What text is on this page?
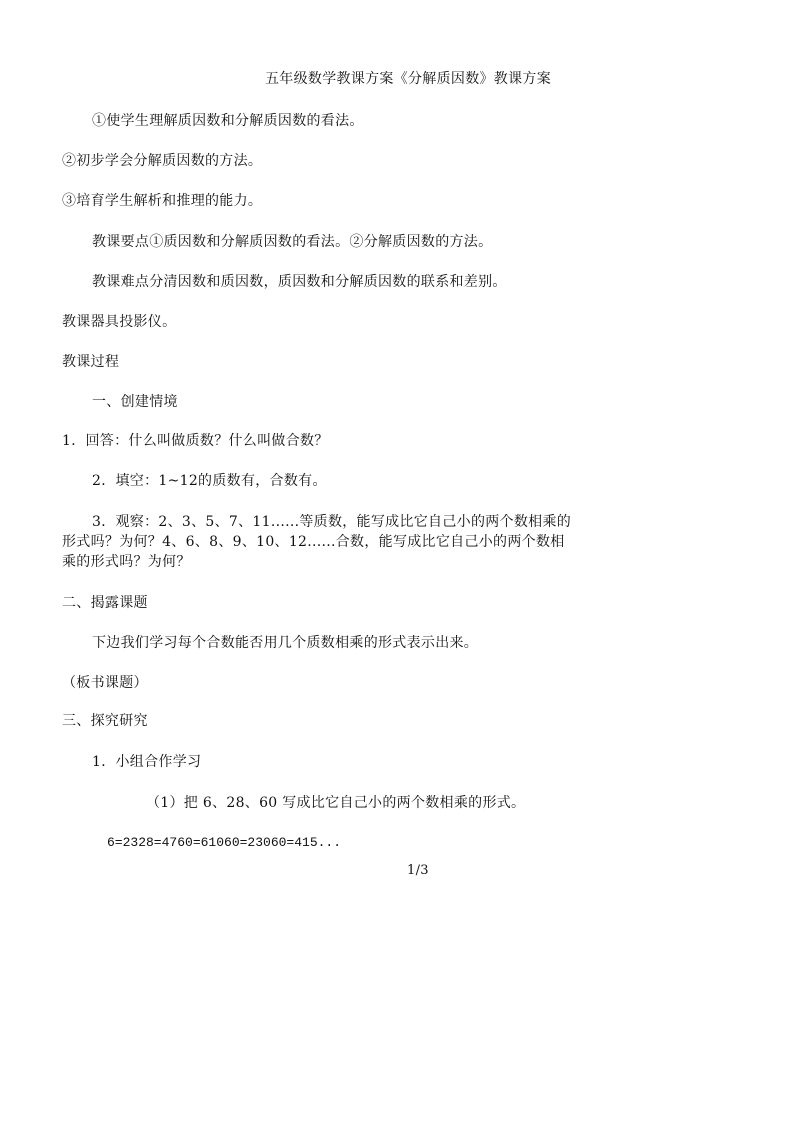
五年级数学教课方案《分解质因数》教课方案
①使学生理解质因数和分解质因数的看法。
②初步学会分解质因数的方法。
③培育学生解析和推理的能力。
教课要点①质因数和分解质因数的看法。②分解质因数的方法。
教课难点分清因数和质因数，质因数和分解质因数的联系和差别。
教课器具投影仪。
教课过程
一、创建情境
1．回答：什么叫做质数？什么叫做合数？
2．填空：1~12的质数有，合数有。
3．观察：2、3、5、7、11......等质数，能写成比它自己小的两个数相乘的
形式吗？为何？4、6、8、9、10、12......合数，能写成比它自己小的两个数相
乘的形式吗？为何？
二、揭露课题
下边我们学习每个合数能否用几个质数相乘的形式表示出来。
（板书课题）
三、探究研究
1．小组合作学习
（1）把 6、28、60 写成比它自己小的两个数相乘的形式。
6=2328=4760=61060=23060=415...
1/3
